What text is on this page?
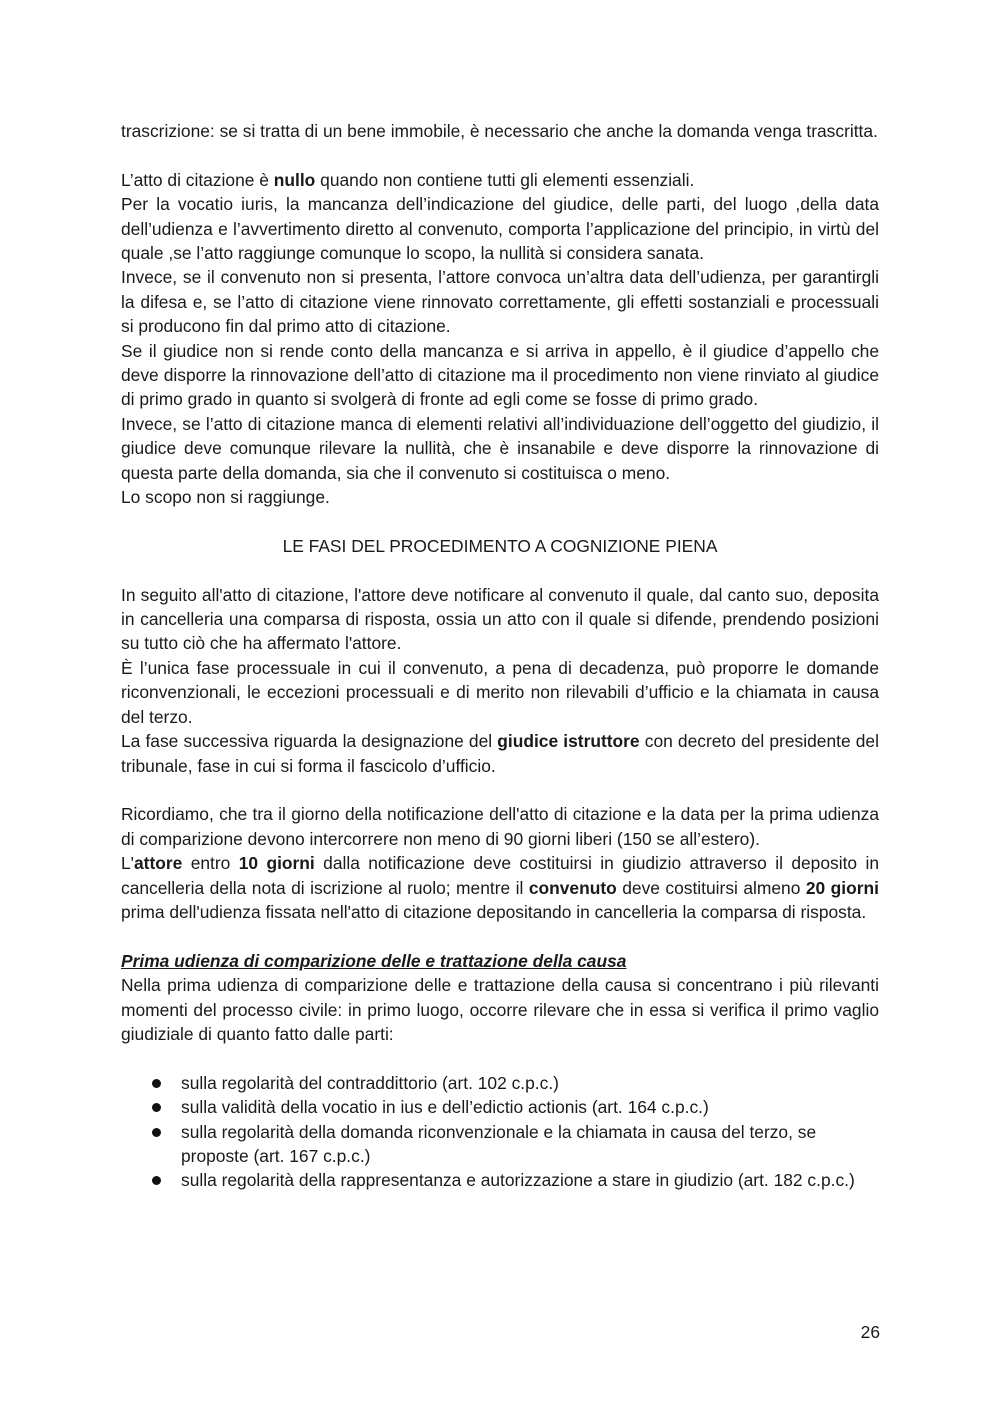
trascrizione: se si tratta di un bene immobile, è necessario che anche la domanda venga trascritta.

L’atto di citazione è nullo quando non contiene tutti gli elementi essenziali.

Per la vocatio iuris, la mancanza dell’indicazione del giudice, delle parti, del luogo ,della data dell’udienza e l’avvertimento diretto al convenuto, comporta l’applicazione del principio, in virtù del quale ,se l’atto raggiunge comunque lo scopo, la nullità si considera sanata.

Invece, se il convenuto non si presenta, l’attore convoca un’altra data dell’udienza, per garantirgli la difesa e, se l’atto di citazione viene rinnovato correttamente, gli effetti sostanziali e processuali si producono fin dal primo atto di citazione.

Se il giudice non si rende conto della mancanza e si arriva in appello, è il giudice d’appello che deve disporre la rinnovazione dell’atto di citazione ma il procedimento non viene rinviato al giudice di primo grado in quanto si svolgerà di fronte ad egli come se fosse di primo grado.

Invece, se l’atto di citazione manca di elementi relativi all’individuazione dell’oggetto del giudizio, il giudice deve comunque rilevare la nullità, che è insanabile e deve disporre la rinnovazione di questa parte della domanda, sia che il convenuto si costituisca o meno.

Lo scopo non si raggiunge.

LE FASI DEL PROCEDIMENTO A COGNIZIONE PIENA

In seguito all'atto di citazione, l'attore deve notificare al convenuto il quale, dal canto suo, deposita in cancelleria una comparsa di risposta, ossia un atto con il quale si difende, prendendo posizioni su tutto ciò che ha affermato l'attore.

È l’unica fase processuale in cui il convenuto, a pena di decadenza, può proporre le domande riconvenzionali, le eccezioni processuali e di merito non rilevabili d’ufficio e la chiamata in causa del terzo.

La fase successiva riguarda la designazione del giudice istruttore con decreto del presidente del tribunale, fase in cui si forma il fascicolo d’ufficio.

Ricordiamo, che tra il giorno della notificazione dell'atto di citazione e la data per la prima udienza di comparizione devono intercorrere non meno di 90 giorni liberi (150 se all’estero).

L'attore entro 10 giorni dalla notificazione deve costituirsi in giudizio attraverso il deposito in cancelleria della nota di iscrizione al ruolo; mentre il convenuto deve costituirsi almeno 20 giorni prima dell'udienza fissata nell'atto di citazione depositando in cancelleria la comparsa di risposta.

Prima udienza di comparizione delle e trattazione della causa

Nella prima udienza di comparizione delle e trattazione della causa si concentrano i più rilevanti momenti del processo civile: in primo luogo, occorre rilevare che in essa si verifica il primo vaglio giudiziale di quanto fatto dalle parti:

sulla regolarità del contraddittorio (art. 102 c.p.c.)
sulla validità della vocatio in ius e dell’edictio actionis (art. 164 c.p.c.)
sulla regolarità della domanda riconvenzionale e la chiamata in causa del terzo, se proposte (art. 167 c.p.c.)
sulla regolarità della rappresentanza e autorizzazione a stare in giudizio (art. 182 c.p.c.)
26
